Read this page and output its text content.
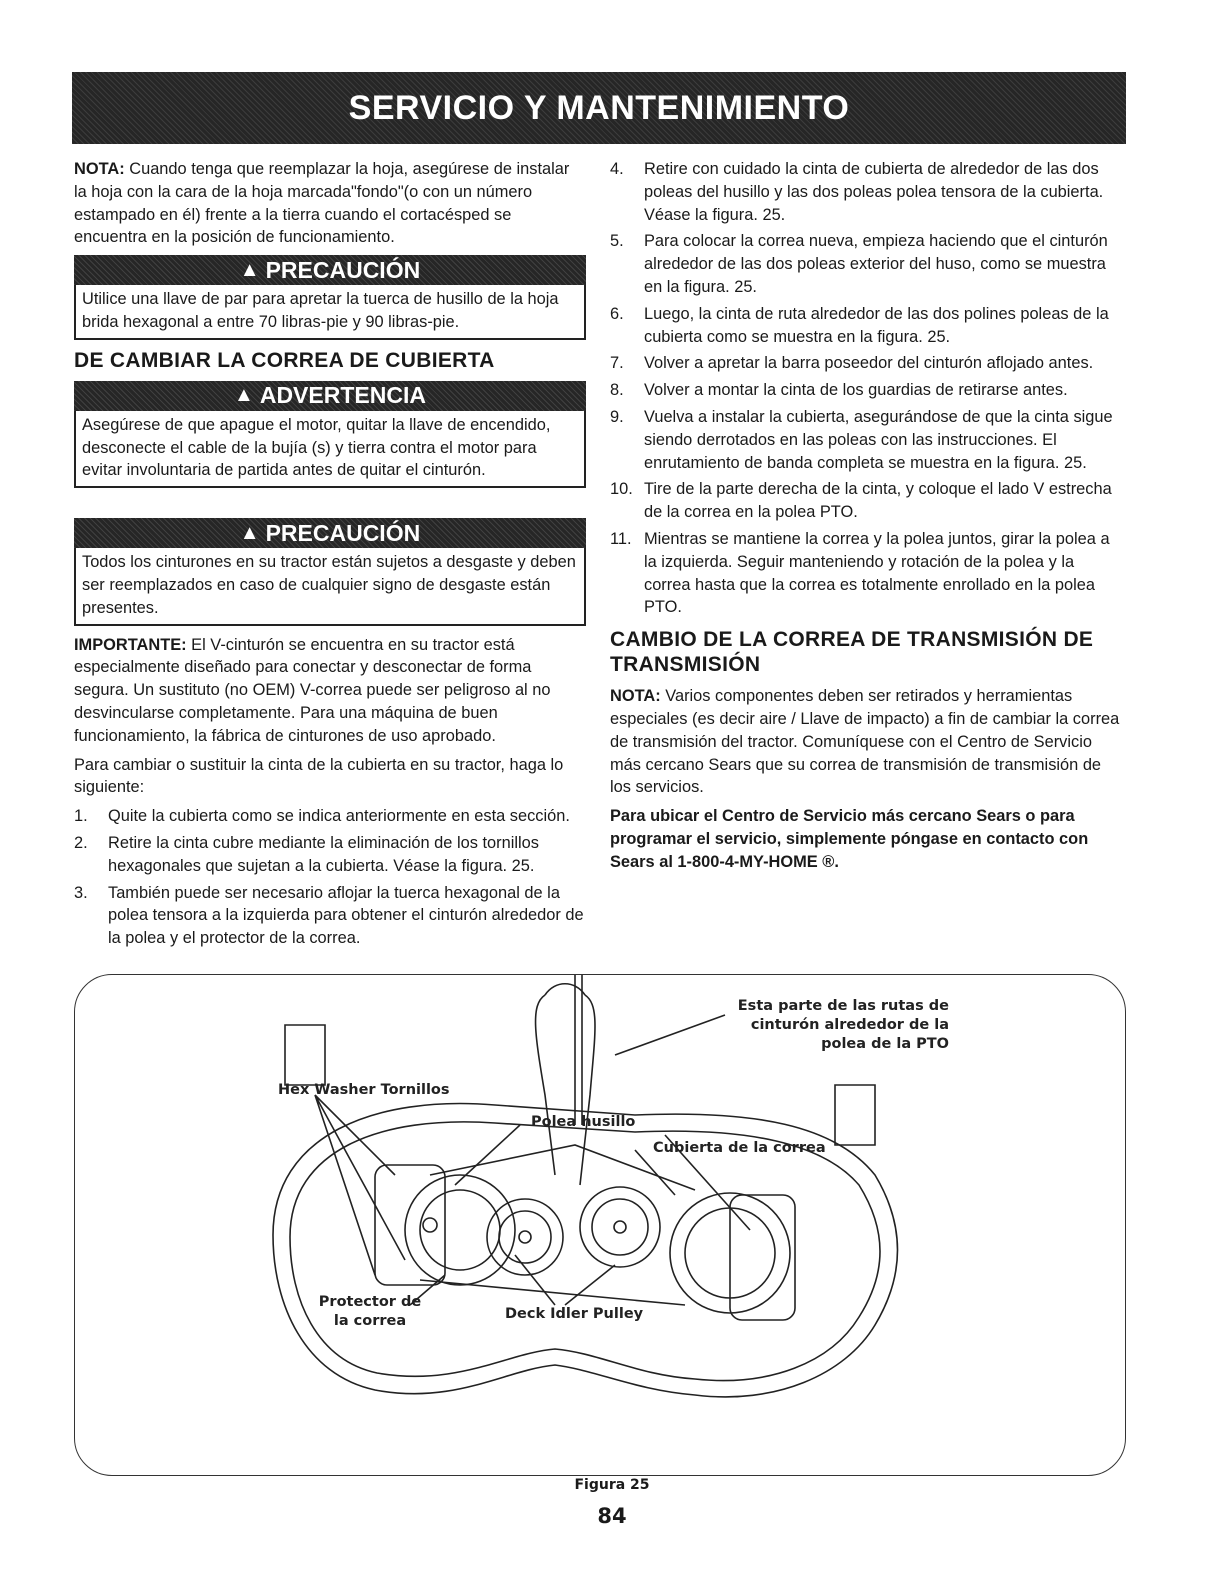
SERVICIO Y MANTENIMIENTO

NOTA: Cuando tenga que reemplazar la hoja, asegúrese de instalar la hoja con la cara de la hoja marcada"fondo"(o con un número estampado en él) frente a la tierra cuando el cortacésped se encuentra en la posición de funcionamiento.

▲ PRECAUCIÓN
Utilice una llave de par para apretar la tuerca de husillo de la hoja brida hexagonal a entre 70 libras-pie y 90 libras-pie.
DE CAMBIAR LA CORREA DE CUBIERTA
▲ ADVERTENCIA
Asegúrese de que apague el motor, quitar la llave de encendido, desconecte el cable de la bujía (s) y tierra contra el motor para evitar involuntaria de partida antes de quitar el cinturón.
▲ PRECAUCIÓN
Todos los cinturones en su tractor están sujetos a desgaste y deben ser reemplazados en caso de cualquier signo de desgaste están presentes.

IMPORTANTE: El V-cinturón se encuentra en su tractor está especialmente diseñado para conectar y desconectar de forma segura. Un sustituto (no OEM) V-correa puede ser peligroso al no desvincularse completamente. Para una máquina de buen funcionamiento, la fábrica de cinturones de uso aprobado.

Para cambiar o sustituir la cinta de la cubierta en su tractor, haga lo siguiente:

1. Quite la cubierta como se indica anteriormente en esta sección.
2. Retire la cinta cubre mediante la eliminación de los tornillos hexagonales que sujetan a la cubierta. Véase la figura. 25.
3. También puede ser necesario aflojar la tuerca hexagonal de la polea tensora a la izquierda para obtener el cinturón alrededor de la polea y el protector de la correa.
4. Retire con cuidado la cinta de cubierta de alrededor de las dos poleas del husillo y las dos poleas polea tensora de la cubierta. Véase la figura. 25.
5. Para colocar la correa nueva, empieza haciendo que el cinturón alrededor de las dos poleas exterior del huso, como se muestra en la figura. 25.
6. Luego, la cinta de ruta alrededor de las dos polines poleas de la cubierta como se muestra en la figura. 25.
7. Volver a apretar la barra poseedor del cinturón aflojado antes.
8. Volver a montar la cinta de los guardias de retirarse antes.
9. Vuelva a instalar la cubierta, asegurándose de que la cinta sigue siendo derrotados en las poleas con las instrucciones. El enrutamiento de banda completa se muestra en la figura. 25.
10. Tire de la parte derecha de la cinta, y coloque el lado V estrecha de la correa en la polea PTO.
11. Mientras se mantiene la correa y la polea juntos, girar la polea a la izquierda. Seguir manteniendo y rotación de la polea y la correa hasta que la correa es totalmente enrollado en la polea PTO.
CAMBIO DE LA CORREA DE TRANSMISIÓN DE TRANSMISIÓN

NOTA: Varios componentes deben ser retirados y herramientas especiales (es decir aire / Llave de impacto) a fin de cambiar la correa de transmisión del tractor. Comuníquese con el Centro de Servicio más cercano Sears que su correa de transmisión de transmisión de los servicios.

Para ubicar el Centro de Servicio más cercano Sears o para programar el servicio, simplemente póngase en contacto con Sears al 1-800-4-MY-HOME ®.

Hex Washer Tornillos
Esta parte de las rutas de cinturón alrededor de la polea de la PTO
Polea husillo
Cubierta de la correa
Protector de la correa	Deck Idler Pulley
Figura 25
84
